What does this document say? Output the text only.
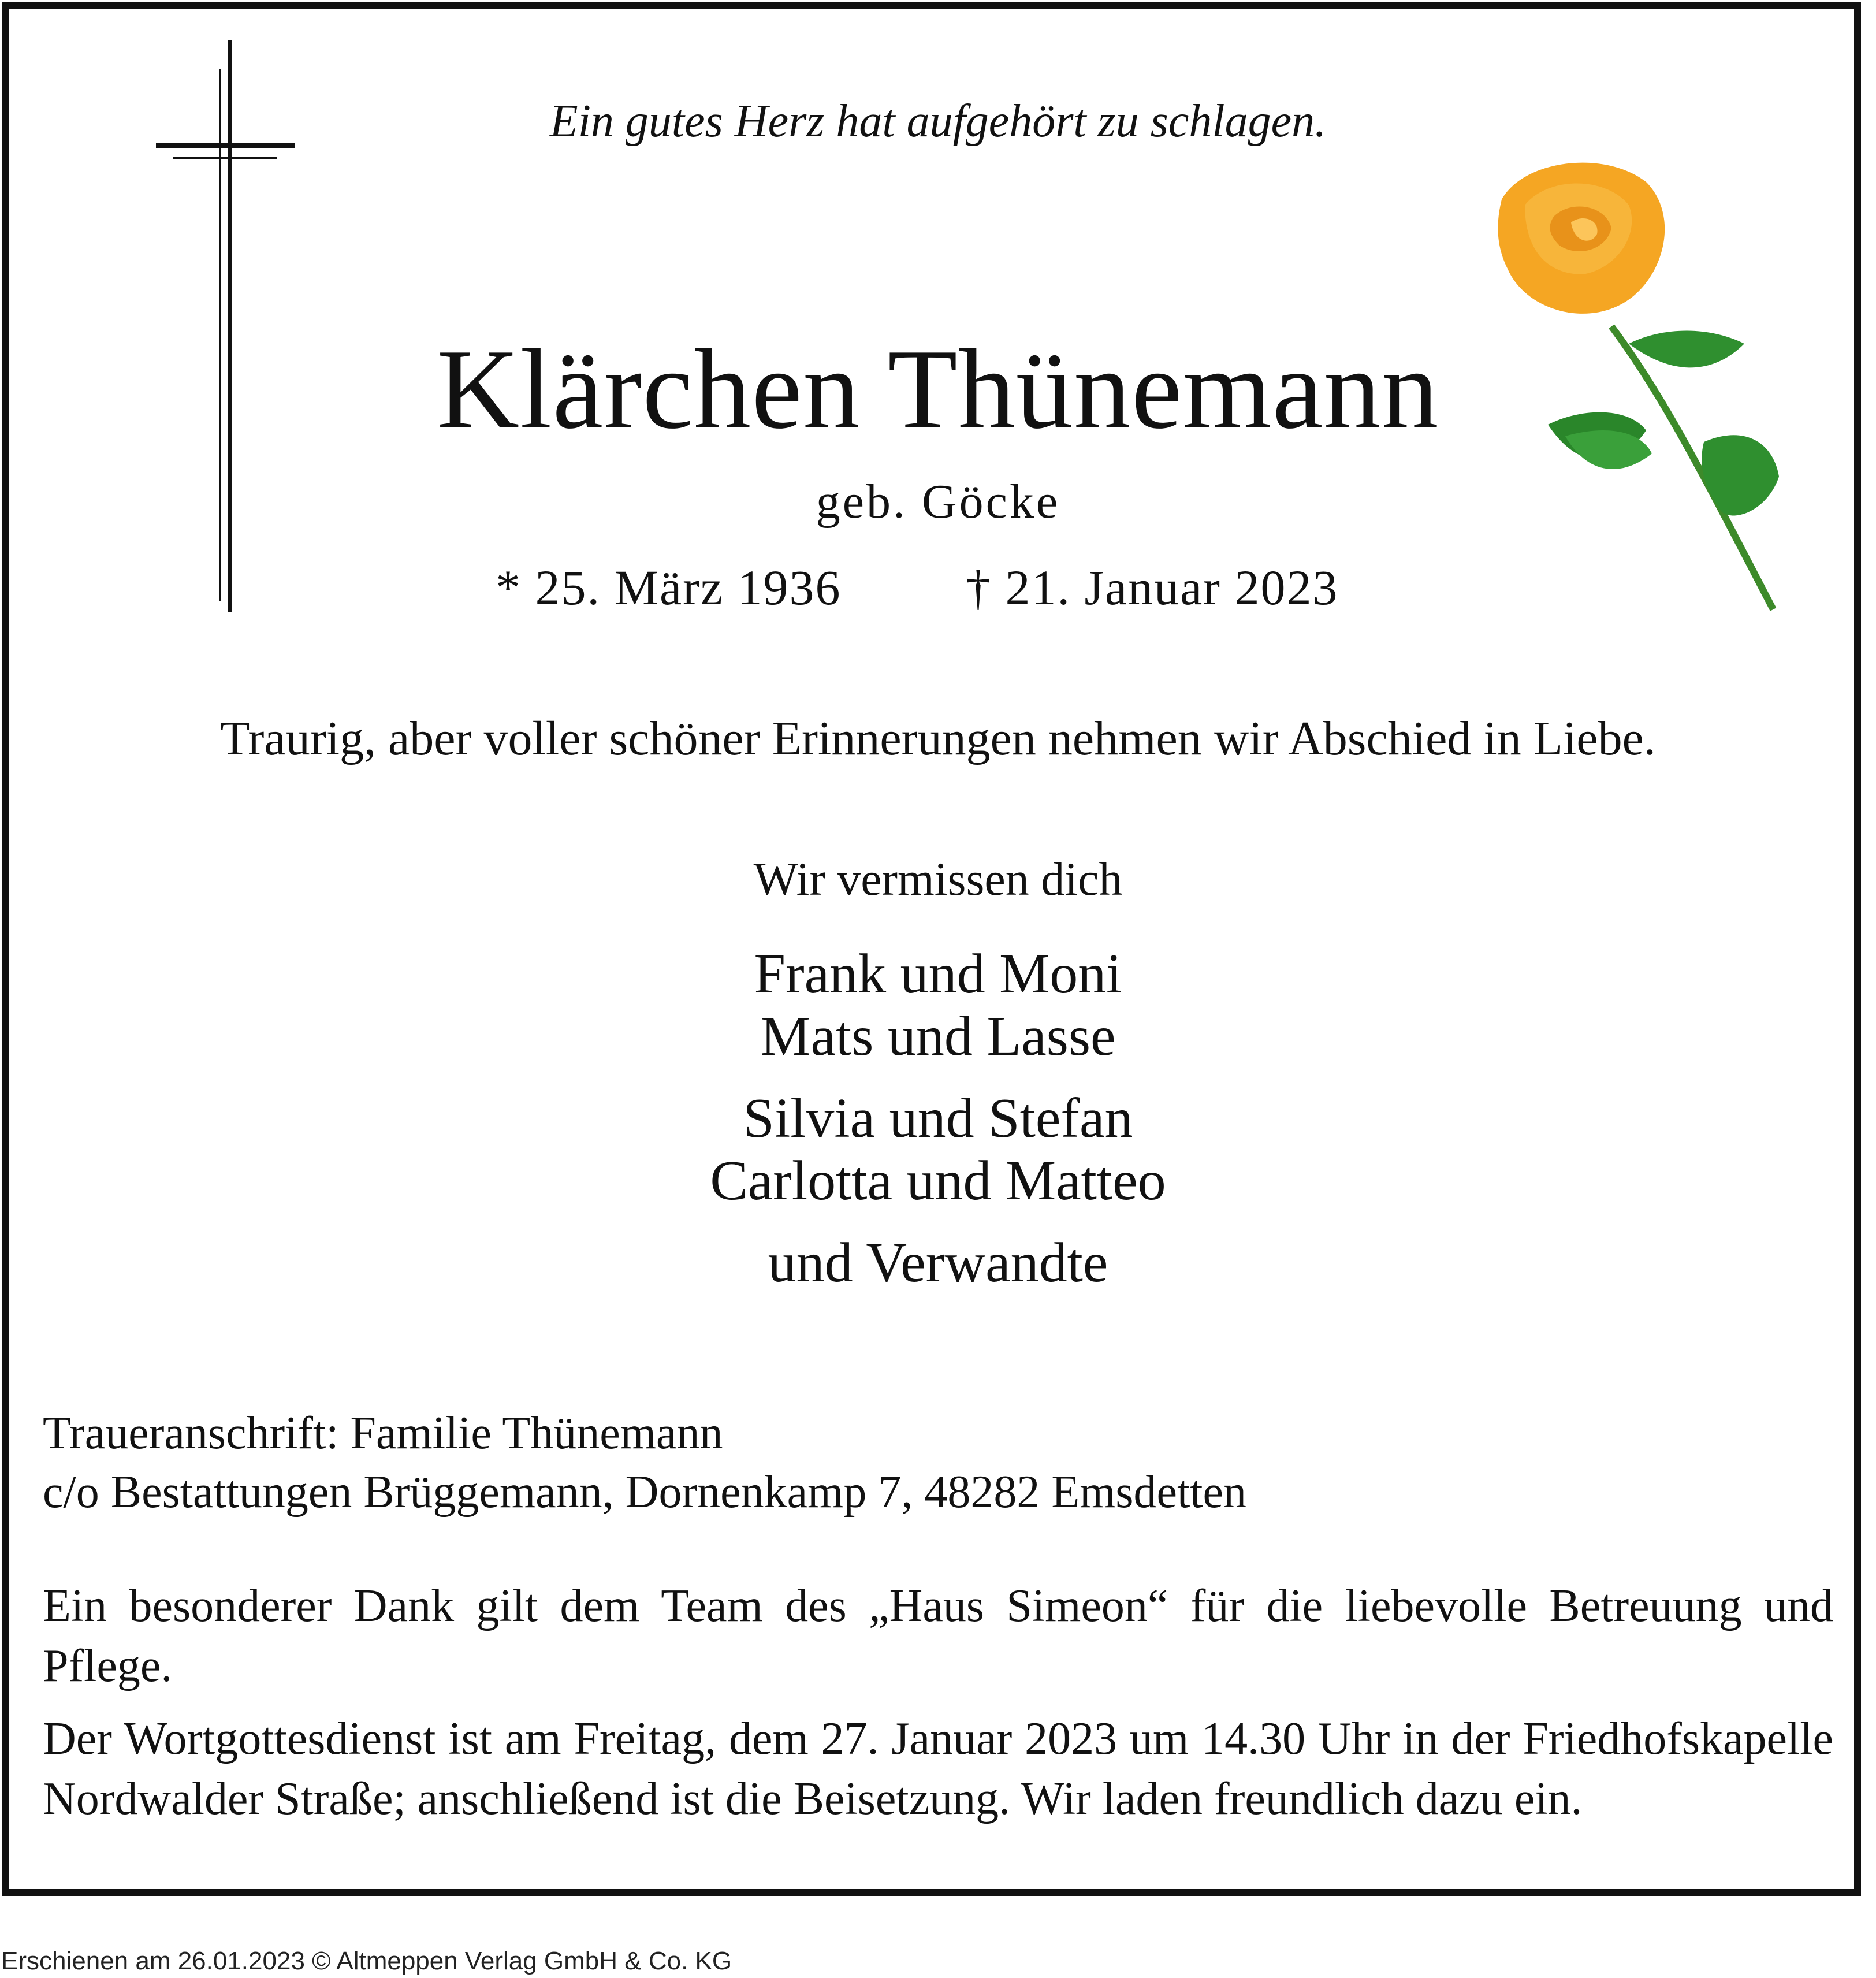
Ein gutes Herz hat aufgehört zu schlagen.
Klärchen Thünemann
geb. Göcke
* 25. März 1936	† 21. Januar 2023
Traurig, aber voller schöner Erinnerungen nehmen wir Abschied in Liebe.
Wir vermissen dich
Frank und Moni
Mats und Lasse
Silvia und Stefan
Carlotta und Matteo
und Verwandte
Traueranschrift: Familie Thünemann
c/o Bestattungen Brüggemann, Dornenkamp 7, 48282 Emsdetten
Ein besonderer Dank gilt dem Team des „Haus Simeon“ für die liebevolle Betreuung und Pflege.
Der Wortgottesdienst ist am Freitag, dem 27. Januar 2023 um 14.30 Uhr in der Friedhofskapelle Nordwalder Straße; anschließend ist die Beisetzung. Wir laden freundlich dazu ein.
Erschienen am 26.01.2023 © Altmeppen Verlag GmbH & Co. KG
